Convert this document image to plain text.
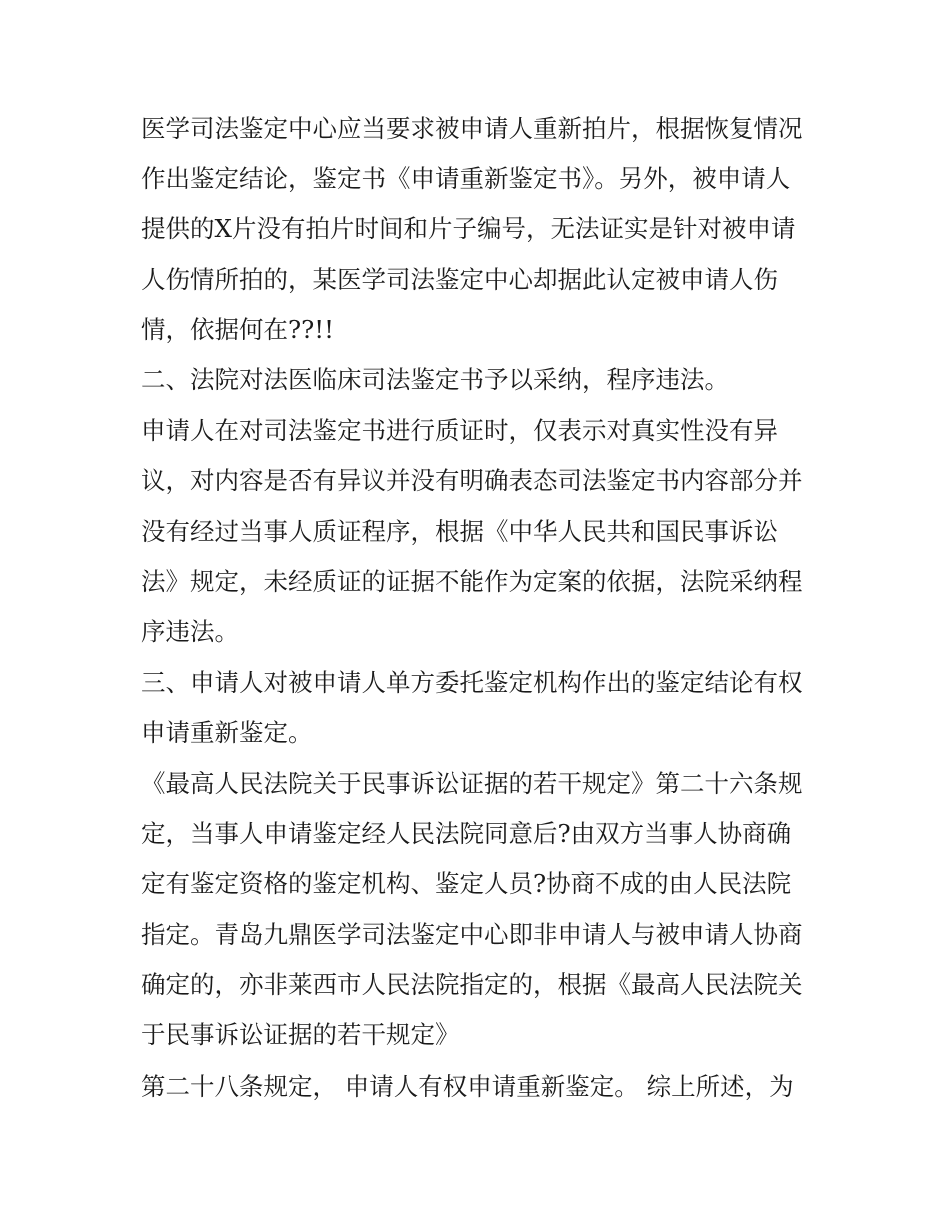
医学司法鉴定中心应当要求被申请人重新拍片，根据恢复情况
作出鉴定结论，鉴定书《申请重新鉴定书》。另外，被申请人
提供的X片没有拍片时间和片子编号，无法证实是针对被申请
人伤情所拍的，某医学司法鉴定中心却据此认定被申请人伤
情，依据何在??!!
二、法院对法医临床司法鉴定书予以采纳，程序违法。
申请人在对司法鉴定书进行质证时，仅表示对真实性没有异
议，对内容是否有异议并没有明确表态司法鉴定书内容部分并
没有经过当事人质证程序，根据《中华人民共和国民事诉讼
法》规定，未经质证的证据不能作为定案的依据，法院采纳程
序违法。
三、申请人对被申请人单方委托鉴定机构作出的鉴定结论有权
申请重新鉴定。
《最高人民法院关于民事诉讼证据的若干规定》第二十六条规
定，当事人申请鉴定经人民法院同意后?由双方当事人协商确
定有鉴定资格的鉴定机构、鉴定人员?协商不成的由人民法院
指定。青岛九鼎医学司法鉴定中心即非申请人与被申请人协商
确定的，亦非莱西市人民法院指定的，根据《最高人民法院关
于民事诉讼证据的若干规定》
第二十八条规定， 申请人有权申请重新鉴定。 综上所述，为
